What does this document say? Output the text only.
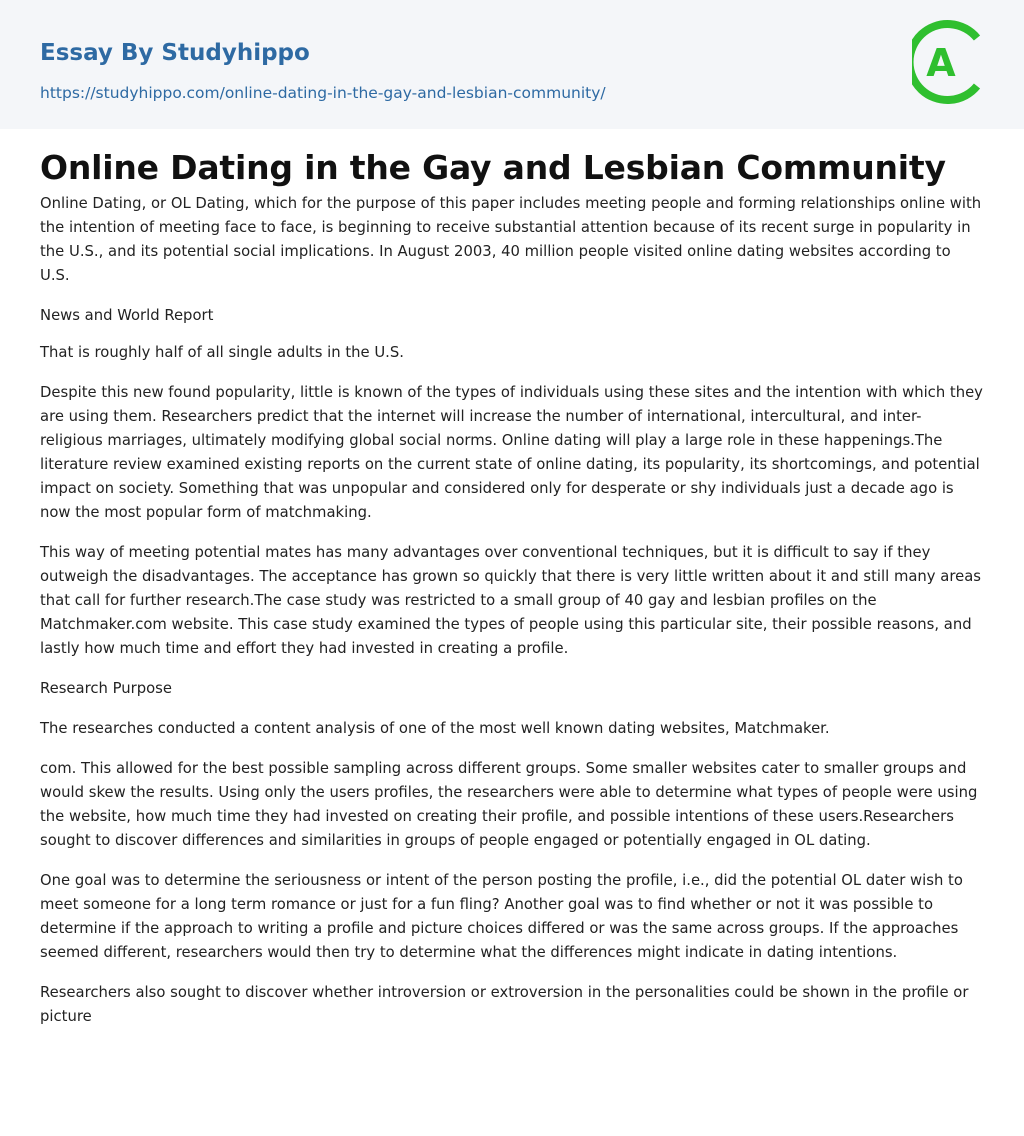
Essay By Studyhippo
https://studyhippo.com/online-dating-in-the-gay-and-lesbian-community/
A
Online Dating in the Gay and Lesbian Community

Online Dating, or OL Dating, which for the purpose of this paper includes meeting people and forming relationships online with the intention of meeting face to face, is beginning to receive substantial attention because of its recent surge in popularity in the U.S., and its potential social implications. In August 2003, 40 million people visited online dating websites according to U.S.

News and World Report

That is roughly half of all single adults in the U.S.

Despite this new found popularity, little is known of the types of individuals using these sites and the intention with which they are using them. Researchers predict that the internet will increase the number of international, intercultural, and inter-religious marriages, ultimately modifying global social norms. Online dating will play a large role in these happenings.The literature review examined existing reports on the current state of online dating, its popularity, its shortcomings, and potential impact on society. Something that was unpopular and considered only for desperate or shy individuals just a decade ago is now the most popular form of matchmaking.

This way of meeting potential mates has many advantages over conventional techniques, but it is difficult to say if they outweigh the disadvantages. The acceptance has grown so quickly that there is very little written about it and still many areas that call for further research.The case study was restricted to a small group of 40 gay and lesbian profiles on the Matchmaker.com website. This case study examined the types of people using this particular site, their possible reasons, and lastly how much time and effort they had invested in creating a profile.

Research Purpose

The researches conducted a content analysis of one of the most well known dating websites, Matchmaker.

com. This allowed for the best possible sampling across different groups. Some smaller websites cater to smaller groups and would skew the results. Using only the users profiles, the researchers were able to determine what types of people were using the website, how much time they had invested on creating their profile, and possible intentions of these users.Researchers sought to discover differences and similarities in groups of people engaged or potentially engaged in OL dating.

One goal was to determine the seriousness or intent of the person posting the profile, i.e., did the potential OL dater wish to meet someone for a long term romance or just for a fun fling? Another goal was to find whether or not it was possible to determine if the approach to writing a profile and picture choices differed or was the same across groups. If the approaches seemed different, researchers would then try to determine what the differences might indicate in dating intentions.

Researchers also sought to discover whether introversion or extroversion in the personalities could be shown in the profile or picture
